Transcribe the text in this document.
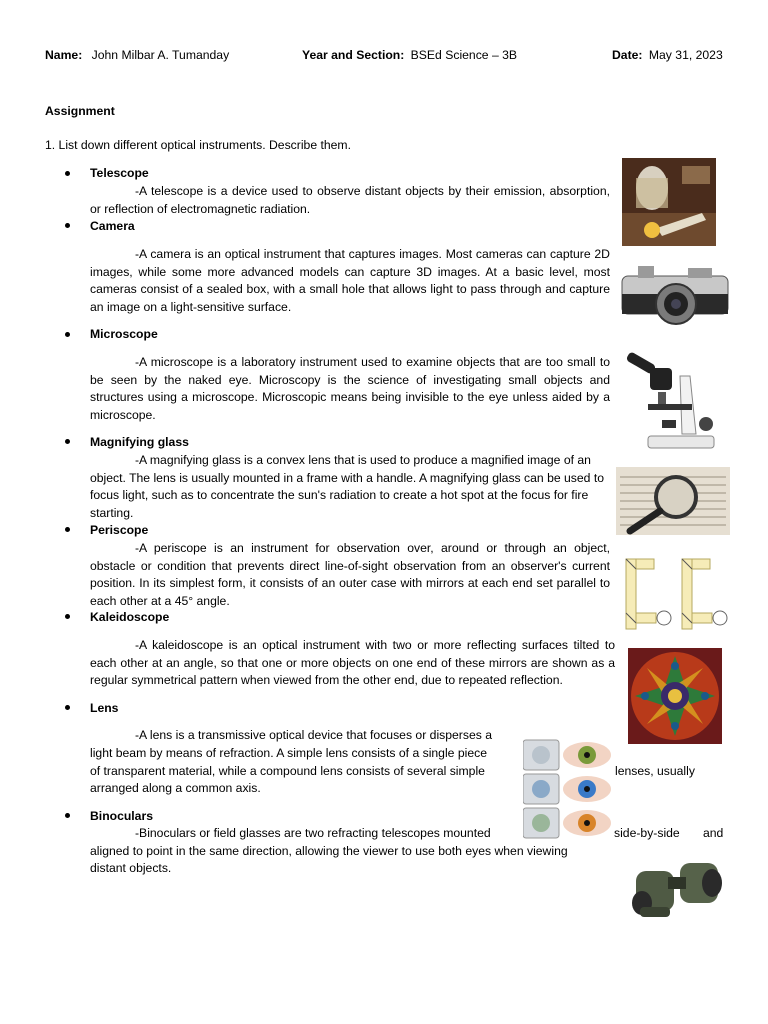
Name: John Milbar A. Tumanday	Year and Section: BSEd Science – 3B	Date: May 31, 2023
Assignment
1. List down different optical instruments. Describe them.
Telescope
-A telescope is a device used to observe distant objects by their emission, absorption, or reflection of electromagnetic radiation.
Camera
-A camera is an optical instrument that captures images. Most cameras can capture 2D images, while some more advanced models can capture 3D images. At a basic level, most cameras consist of a sealed box, with a small hole that allows light to pass through and capture an image on a light-sensitive surface.
Microscope
-A microscope is a laboratory instrument used to examine objects that are too small to be seen by the naked eye. Microscopy is the science of investigating small objects and structures using a microscope. Microscopic means being invisible to the eye unless aided by a microscope.
Magnifying glass
-A magnifying glass is a convex lens that is used to produce a magnified image of an object. The lens is usually mounted in a frame with a handle. A magnifying glass can be used to focus light, such as to concentrate the sun's radiation to create a hot spot at the focus for fire starting.
Periscope
-A periscope is an instrument for observation over, around or through an object, obstacle or condition that prevents direct line-of-sight observation from an observer's current position. In its simplest form, it consists of an outer case with mirrors at each end set parallel to each other at a 45° angle.
Kaleidoscope
-A kaleidoscope is an optical instrument with two or more reflecting surfaces tilted to each other at an angle, so that one or more objects on one end of these mirrors are shown as a regular symmetrical pattern when viewed from the other end, due to repeated reflection.
Lens
-A lens is a transmissive optical device that focuses or disperses a
light beam by means of refraction. A simple lens consists of a single piece
of transparent material, while a compound lens consists of several simple	lenses, usually
arranged along a common axis.
Binoculars
-Binoculars or field glasses are two refracting telescopes mounted	side-by-side and
aligned to point in the same direction, allowing the viewer to use both eyes when viewing
distant objects.
